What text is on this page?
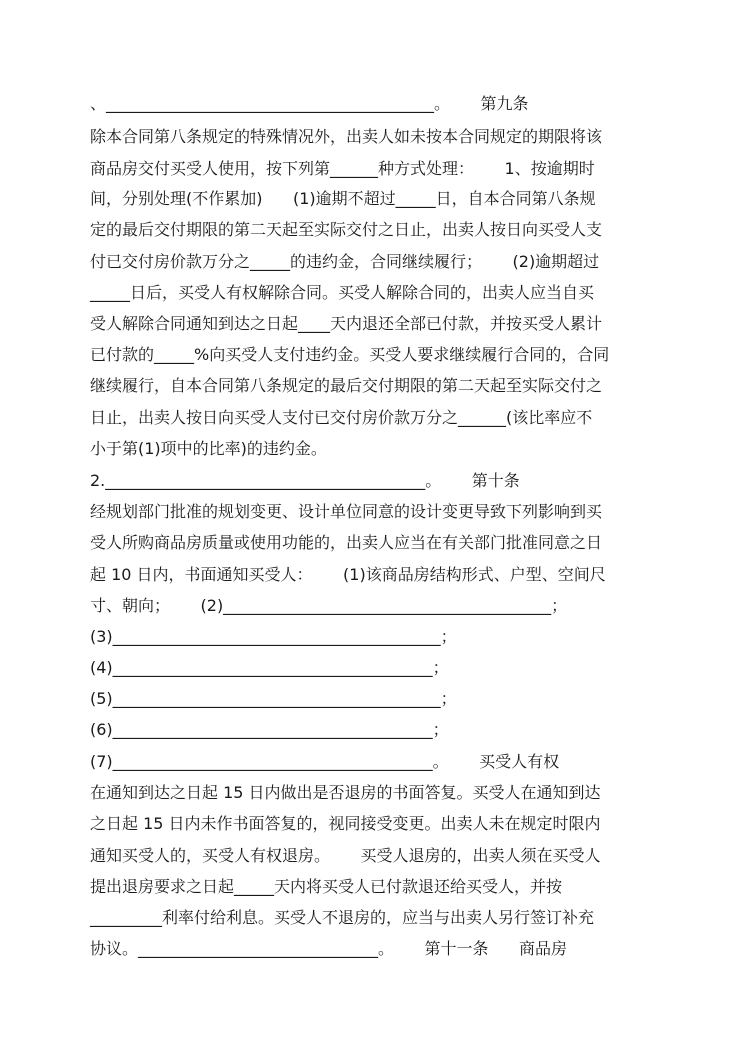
、_________________________________________。      第九条
除本合同第八条规定的特殊情况外，出卖人如未按本合同规定的期限将该
商品房交付买受人使用，按下列第______种方式处理：      1、按逾期时
间，分别处理(不作累加)      (1)逾期不超过_____日，自本合同第八条规
定的最后交付期限的第二天起至实际交付之日止，出卖人按日向买受人支
付已交付房价款万分之_____的违约金，合同继续履行；      (2)逾期超过
_____日后，买受人有权解除合同。买受人解除合同的，出卖人应当自买
受人解除合同通知到达之日起____天内退还全部已付款，并按买受人累计
已付款的_____%向买受人支付违约金。买受人要求继续履行合同的，合同
继续履行，自本合同第八条规定的最后交付期限的第二天起至实际交付之
日止，出卖人按日向买受人支付已交付房价款万分之______(该比率应不
小于第(1)项中的比率)的违约金。
2.________________________________________。      第十条
经规划部门批准的规划变更、设计单位同意的设计变更导致下列影响到买
受人所购商品房质量或使用功能的，出卖人应当在有关部门批准同意之日
起 10 日内，书面通知买受人：      (1)该商品房结构形式、户型、空间尺
寸、朝向；      (2)_________________________________________；
(3)_________________________________________；
(4)________________________________________；
(5)_________________________________________；
(6)________________________________________；
(7)________________________________________。      买受人有权
在通知到达之日起 15 日内做出是否退房的书面答复。买受人在通知到达
之日起 15 日内未作书面答复的，视同接受变更。出卖人未在规定时限内
通知买受人的，买受人有权退房。      买受人退房的，出卖人须在买受人
提出退房要求之日起_____天内将买受人已付款退还给买受人，并按
_________利率付给利息。买受人不退房的，应当与出卖人另行签订补充
协议。______________________________。      第十一条      商品房
